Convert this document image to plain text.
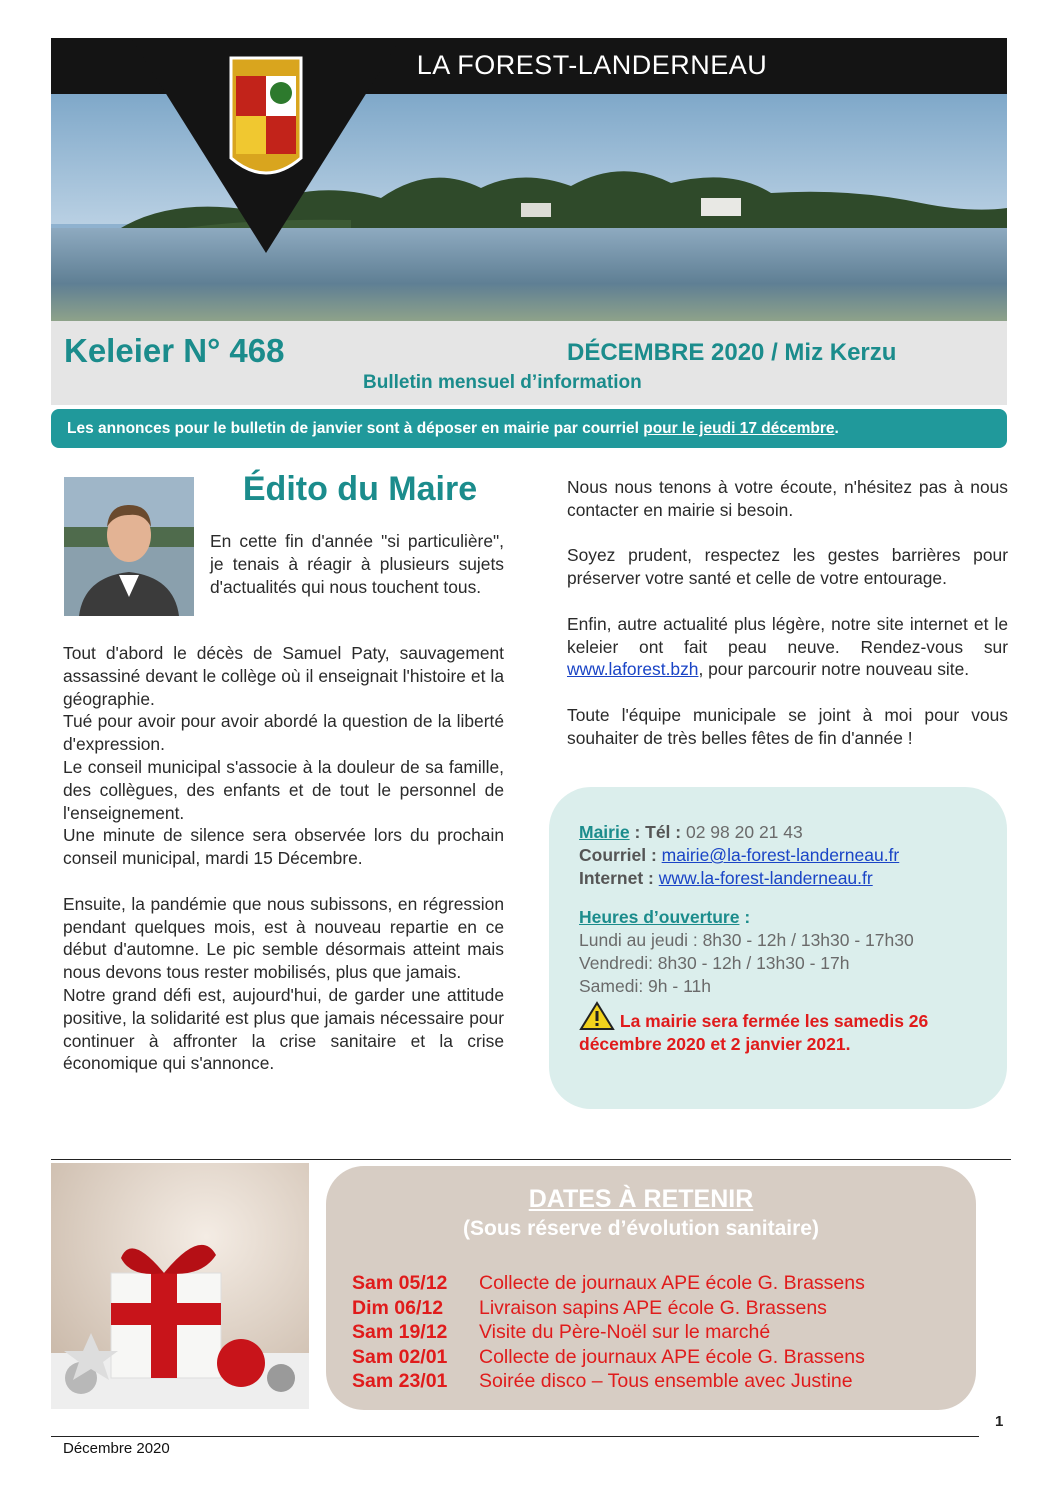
LA FOREST-LANDERNEAU
Keleier N° 468	DÉCEMBRE 2020 / Miz Kerzu
Bulletin mensuel d’information
Les annonces pour le bulletin de janvier sont à déposer en mairie par courriel pour le jeudi 17 décembre.
Édito du Maire

En cette fin d'année "si particulière", je tenais à réagir à plusieurs sujets d'actualités qui nous touchent tous.

Tout d'abord le décès de Samuel Paty, sauvagement assassiné devant le collège où il enseignait l'histoire et la géographie.

Tué pour avoir pour avoir abordé la question de la liberté d'expression.

Le conseil municipal s'associe à la douleur de sa famille, des collègues, des enfants et de tout le personnel de l'enseignement.

Une minute de silence sera observée lors du prochain conseil municipal, mardi 15 Décembre.

Ensuite, la pandémie que nous subissons, en régression pendant quelques mois, est à nouveau repartie en ce début d'automne. Le pic semble désormais atteint mais nous devons tous rester mobilisés, plus que jamais.

Notre grand défi est, aujourd'hui, de garder une attitude positive, la solidarité est plus que jamais nécessaire pour continuer à affronter la crise sanitaire et la crise économique qui s'annonce.

Nous nous tenons à votre écoute, n'hésitez pas à nous contacter en mairie si besoin.

Soyez prudent, respectez les gestes barrières pour préserver votre santé et celle de votre entourage.

Enfin, autre actualité plus légère, notre site internet et le keleier ont fait peau neuve. Rendez-vous sur www.laforest.bzh, pour parcourir notre nouveau site.

Toute l'équipe municipale se joint à moi pour vous souhaiter de très belles fêtes de fin d'année !

Mairie : Tél : 02 98 20 21 43
Courriel : mairie@la-forest-landerneau.fr
Internet : www.la-forest-landerneau.fr
Heures d’ouverture :
Lundi au jeudi : 8h30 - 12h / 13h30 - 17h30
Vendredi: 8h30 - 12h / 13h30 - 17h
Samedi: 9h - 11h
La mairie sera fermée les samedis 26 décembre 2020 et 2 janvier 2021.
DATES À RETENIR
(Sous réserve d’évolution sanitaire)
Sam 05/12 Collecte de journaux APE école G. Brassens
Dim 06/12 Livraison sapins APE école G. Brassens
Sam 19/12 Visite du Père-Noël sur le marché
Sam 02/01 Collecte de journaux APE école G. Brassens
Sam 23/01 Soirée disco – Tous ensemble avec Justine
1
Décembre 2020
